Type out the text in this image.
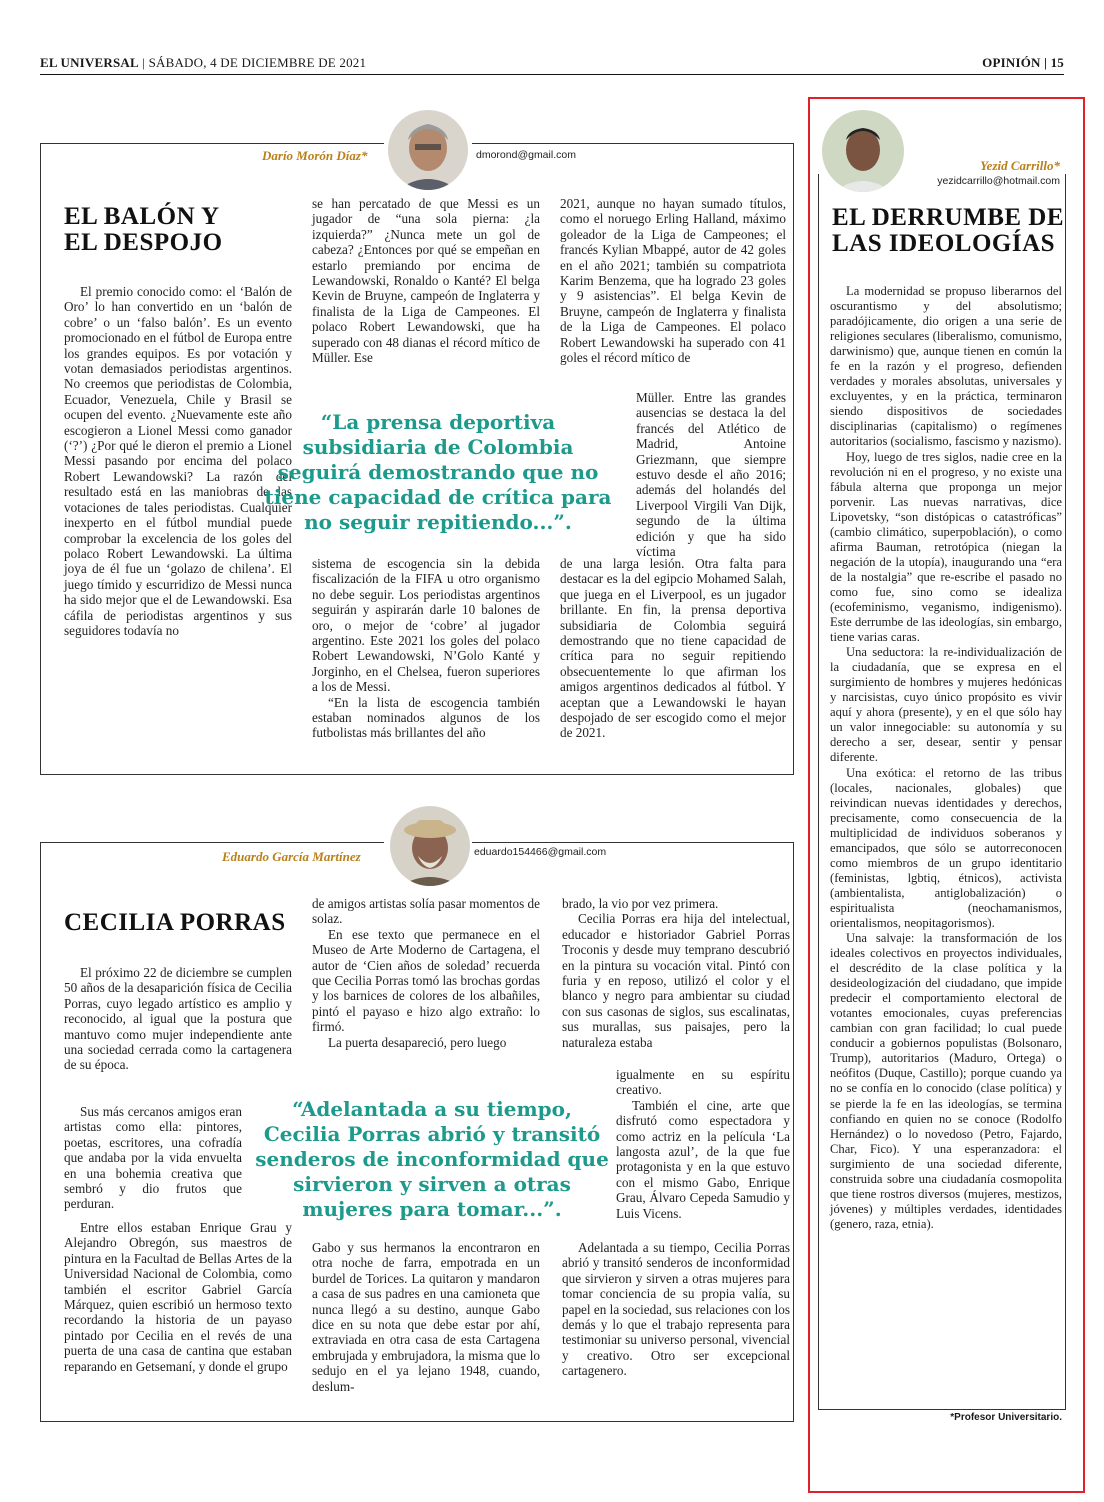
EL UNIVERSAL | SÁBADO, 4 DE DICIEMBRE DE 2021	OPINIÓN | 15
Darío Morón Díaz*	dmorond@gmail.com
EL BALÓN Y
EL DESPOJO

El premio conocido como: el ‘Balón de Oro’ lo han convertido en un ‘balón de cobre’ o un ‘falso balón’. Es un evento promocionado en el fútbol de Europa entre los grandes equipos. Es por votación y votan demasiados periodistas argentinos. No creemos que periodistas de Colombia, Ecuador, Venezuela, Chile y Brasil se ocupen del evento. ¿Nuevamente este año escogieron a Lionel Messi como ganador (‘?’) ¿Por qué le dieron el premio a Lionel Messi pasando por encima del polaco Robert Lewandowski? La razón del resultado está en las maniobras de las votaciones de tales periodistas. Cualquier inexperto en el fútbol mundial puede comprobar la excelencia de los goles del polaco Robert Lewandowski. La última joya de él fue un ‘golazo de chilena’. El juego tímido y escurridizo de Messi nunca ha sido mejor que el de Lewandowski. Esa cáfila de periodistas argentinos y sus seguidores todavía no

se han percatado de que Messi es un jugador de “una sola pierna: ¿la izquierda?” ¿Nunca mete un gol de cabeza? ¿Entonces por qué se empeñan en estarlo premiando por encima de Lewandowski, Ronaldo o Kanté? El belga Kevin de Bruyne, campeón de Inglaterra y finalista de la Liga de Campeones. El polaco Robert Lewandowski, que ha superado con 48 dianas el récord mítico de Müller. Ese

“La prensa deportiva subsidiaria de Colombia seguirá demostrando que no tiene capacidad de crítica para no seguir repitiendo...”.

sistema de escogencia sin la debida fiscalización de la FIFA u otro organismo no debe seguir. Los periodistas argentinos seguirán y aspirarán darle 10 balones de oro, o mejor de ‘cobre’ al jugador argentino. Este 2021 los goles del polaco Robert Lewandowski, N’Golo Kanté y Jorginho, en el Chelsea, fueron superiores a los de Messi.

“En la lista de escogencia también estaban nominados algunos de los futbolistas más brillantes del año

2021, aunque no hayan sumado títulos, como el noruego Erling Halland, máximo goleador de la Liga de Campeones; el francés Kylian Mbappé, autor de 42 goles en el año 2021; también su compatriota Karim Benzema, que ha logrado 23 goles y 9 asistencias”. El belga Kevin de Bruyne, campeón de Inglaterra y finalista de la Liga de Campeones. El polaco Robert Lewandowski ha superado con 41 goles el récord mítico de

Müller. Entre las grandes ausencias se destaca la del francés del Atlético de Madrid, Antoine Griezmann, que siempre estuvo desde el año 2016; además del holandés del Liverpool Virgili Van Dijk, segundo de la última edición y que ha sido víctima

de una larga lesión. Otra falta para destacar es la del egipcio Mohamed Salah, que juega en el Liverpool, es un jugador brillante. En fin, la prensa deportiva subsidiaria de Colombia seguirá demostrando que no tiene capacidad de crítica para no seguir repitiendo obsecuentemente lo que afirman los amigos argentinos dedicados al fútbol. Y aceptan que a Lewandowski le hayan despojado de ser escogido como el mejor de 2021.

Eduardo García Martínez	eduardo154466@gmail.com
CECILIA PORRAS

El próximo 22 de diciembre se cumplen 50 años de la desaparición física de Cecilia Porras, cuyo legado artístico es amplio y reconocido, al igual que la postura que mantuvo como mujer independiente ante una sociedad cerrada como la cartagenera de su época.

Sus más cercanos amigos eran artistas como ella: pintores, poetas, escritores, una cofradía que andaba por la vida envuelta en una bohemia creativa que sembró y dio frutos que perduran.

Entre ellos estaban Enrique Grau y Alejandro Obregón, sus maestros de pintura en la Facultad de Bellas Artes de la Universidad Nacional de Colombia, como también el escritor Gabriel García Márquez, quien escribió un hermoso texto recordando la historia de un payaso pintado por Cecilia en el revés de una puerta de una casa de cantina que estaban reparando en Getsemaní, y donde el grupo

de amigos artistas solía pasar momentos de solaz.

En ese texto que permanece en el Museo de Arte Moderno de Cartagena, el autor de ‘Cien años de soledad’ recuerda que Cecilia Porras tomó las brochas gordas y los barnices de colores de los albañiles, pintó el payaso e hizo algo extraño: lo firmó.

La puerta desapareció, pero luego

“Adelantada a su tiempo, Cecilia Porras abrió y transitó senderos de inconformidad que sirvieron y sirven a otras mujeres para tomar...”.

Gabo y sus hermanos la encontraron en otra noche de farra, empotrada en un burdel de Torices. La quitaron y mandaron a casa de sus padres en una camioneta que nunca llegó a su destino, aunque Gabo dice en su nota que debe estar por ahí, extraviada en otra casa de esta Cartagena embrujada y embrujadora, la misma que lo sedujo en el ya lejano 1948, cuando, deslum-

brado, la vio por vez primera.

Cecilia Porras era hija del intelectual, educador e historiador Gabriel Porras Troconis y desde muy temprano descubrió en la pintura su vocación vital. Pintó con furia y en reposo, utilizó el color y el blanco y negro para ambientar su ciudad con sus casonas de siglos, sus escalinatas, sus murallas, sus paisajes, pero la naturaleza estaba

igualmente en su espíritu creativo.

También el cine, arte que disfrutó como espectadora y como actriz en la película ‘La langosta azul’, de la que fue protagonista y en la que estuvo con el mismo Gabo, Enrique Grau, Álvaro Cepeda Samudio y Luis Vicens.

Adelantada a su tiempo, Cecilia Porras abrió y transitó senderos de inconformidad que sirvieron y sirven a otras mujeres para tomar conciencia de su propia valía, su papel en la sociedad, sus relaciones con los demás y lo que el trabajo representa para testimoniar su universo personal, vivencial y creativo. Otro ser excepcional cartagenero.

Yezid Carrillo*
yezidcarrillo@hotmail.com
EL DERRUMBE DE
LAS IDEOLOGÍAS

La modernidad se propuso liberarnos del oscurantismo y del absolutismo; paradójicamente, dio origen a una serie de religiones seculares (liberalismo, comunismo, darwinismo) que, aunque tienen en común la fe en la razón y el progreso, defienden verdades y morales absolutas, universales y excluyentes, y en la práctica, terminaron siendo dispositivos de sociedades disciplinarias (capitalismo) o regímenes autoritarios (socialismo, fascismo y nazismo).

Hoy, luego de tres siglos, nadie cree en la revolución ni en el progreso, y no existe una fábula alterna que proponga un mejor porvenir. Las nuevas narrativas, dice Lipovetsky, “son distópicas o catastróficas” (cambio climático, superpoblación), o como afirma Bauman, retrotópica (niegan la negación de la utopía), inaugurando una “era de la nostalgia” que re-escribe el pasado no como fue, sino como se idealiza (ecofeminismo, veganismo, indigenismo). Este derrumbe de las ideologías, sin embargo, tiene varias caras.

Una seductora: la re-individualización de la ciudadanía, que se expresa en el surgimiento de hombres y mujeres hedónicas y narcisistas, cuyo único propósito es vivir aquí y ahora (presente), y en el que sólo hay un valor innegociable: su autonomía y su derecho a ser, desear, sentir y pensar diferente.

Una exótica: el retorno de las tribus (locales, nacionales, globales) que reivindican nuevas identidades y derechos, precisamente, como consecuencia de la multiplicidad de individuos soberanos y emancipados, que sólo se autorreconocen como miembros de un grupo identitario (feministas, lgbtiq, étnicos), activista (ambientalista, antiglobalización) o espiritualista (neochamanismos, orientalismos, neopitagorismos).

Una salvaje: la transformación de los ideales colectivos en proyectos individuales, el descrédito de la clase política y la desideologización del ciudadano, que impide predecir el comportamiento electoral de votantes emocionales, cuyas preferencias cambian con gran facilidad; lo cual puede conducir a gobiernos populistas (Bolsonaro, Trump), autoritarios (Maduro, Ortega) o neófitos (Duque, Castillo); porque cuando ya no se confía en lo conocido (clase política) y se pierde la fe en las ideologías, se termina confiando en quien no se conoce (Rodolfo Hernández) o lo novedoso (Petro, Fajardo, Char, Fico). Y una esperanzadora: el surgimiento de una sociedad diferente, construida sobre una ciudadanía cosmopolita que tiene rostros diversos (mujeres, mestizos, jóvenes) y múltiples verdades, identidades (genero, raza, etnia).

*Profesor Universitario.
